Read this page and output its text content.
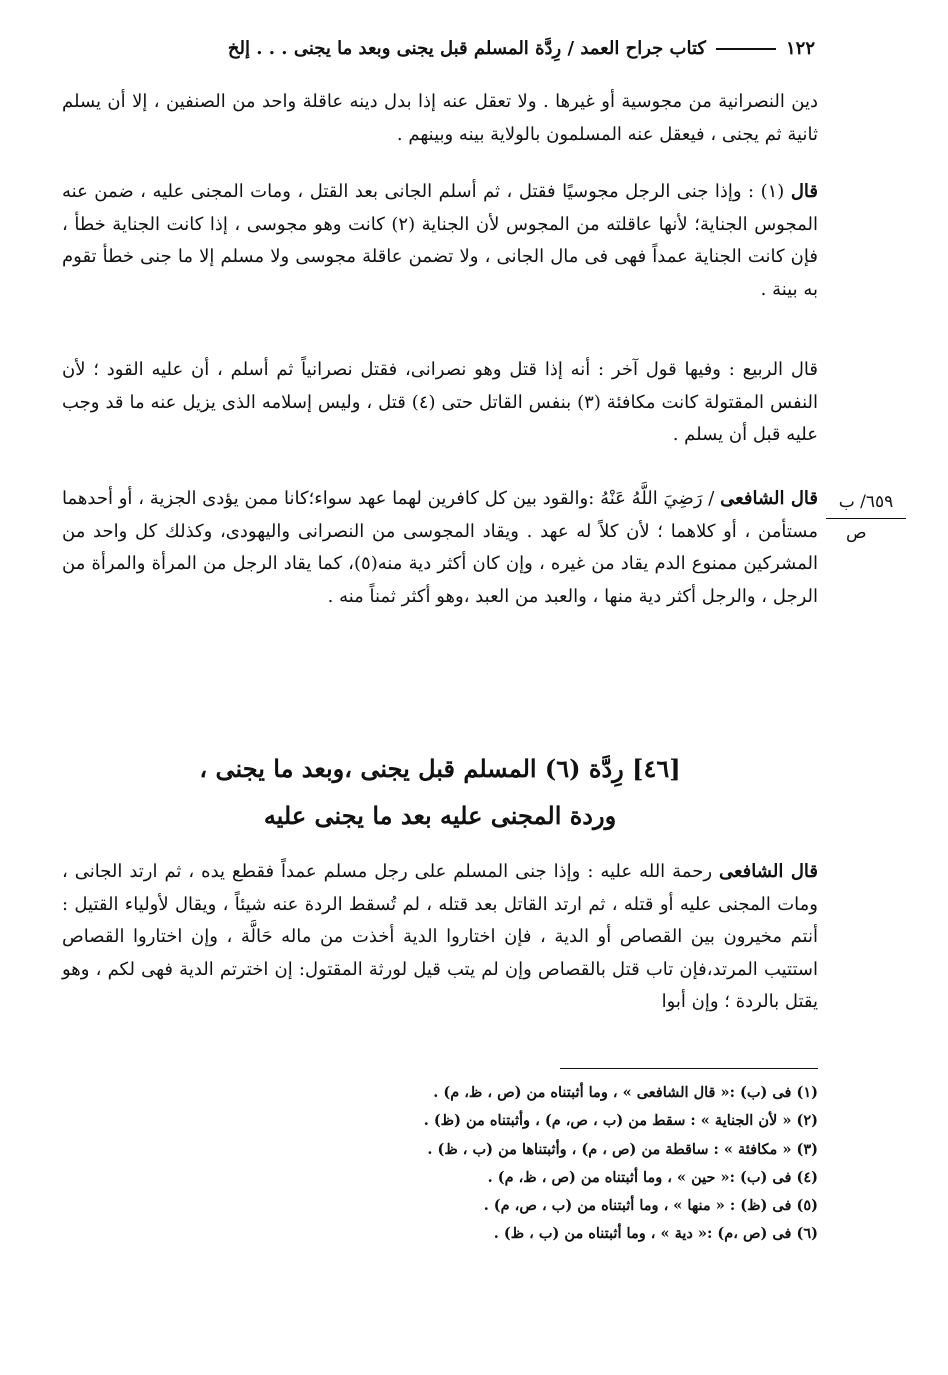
١٢٢
كتاب جراح العمد / رِدَّة المسلم قبل يجنى وبعد ما يجنى . . . إلخ
دين النصرانية من مجوسية أو غيرها . ولا تعقل عنه إذا بدل دينه عاقلة واحد من الصنفين ، إلا أن يسلم ثانية ثم يجنى ، فيعقل عنه المسلمون بالولاية بينه وبينهم .
قال (١) : وإذا جنى الرجل مجوسيًا فقتل ، ثم أسلم الجانى بعد القتل ، ومات المجنى عليه ، ضمن عنه المجوس الجناية؛ لأنها عاقلته من المجوس لأن الجناية (٢) كانت وهو مجوسى ، إذا كانت الجناية خطأ ، فإن كانت الجناية عمداً فهى فى مال الجانى ، ولا تضمن عاقلة مجوسى ولا مسلم إلا ما جنى خطأ تقوم به بينة .
قال الربيع : وفيها قول آخر : أنه إذا قتل وهو نصرانى، فقتل نصرانياً ثم أسلم ، أن عليه القود ؛ لأن النفس المقتولة كانت مكافئة (٣) بنفس القاتل حتى (٤) قتل ، وليس إسلامه الذى يزيل عنه ما قد وجب عليه قبل أن يسلم .
قال الشافعى / رَضِيَ اللَّهُ عَنْهُ :والقود بين كل كافرين لهما عهد سواء؛كانا ممن يؤدى الجزية ، أو أحدهما مستأمن ، أو كلاهما ؛ لأن كلاً له عهد . ويقاد المجوسى من النصرانى واليهودى، وكذلك كل واحد من المشركين ممنوع الدم يقاد من غيره ، وإن كان أكثر دية منه(٥)، كما يقاد الرجل من المرأة والمرأة من الرجل ، والرجل أكثر دية منها ، والعبد من العبد ،وهو أكثر ثمناً منه .
٦٥٩/ ب
ص
[٤٦] رِدَّة (٦) المسلم قبل يجنى ،وبعد ما يجنى ،
وردة المجنى عليه بعد ما يجنى عليه
قال الشافعى رحمة الله عليه : وإذا جنى المسلم على رجل مسلم عمداً فقطع يده ، ثم ارتد الجانى ، ومات المجنى عليه أو قتله ، ثم ارتد القاتل بعد قتله ، لم تُسقط الردة عنه شيئاً ، ويقال لأولياء القتيل : أنتم مخيرون بين القصاص أو الدية ، فإن اختاروا الدية أخذت من ماله حَالَّة ، وإن اختاروا القصاص استتيب المرتد،فإن تاب قتل بالقصاص وإن لم يتب قيل لورثة المقتول: إن اخترتم الدية فهى لكم ، وهو يقتل بالردة ؛ وإن أبوا
(١) فى (ب) :« قال الشافعى » ، وما أثبتناه من (ص ، ظ، م) .
(٢) « لأن الجناية » : سقط من (ب ، ص، م) ، وأثبتناه من (ظ) .
(٣) « مكافئة » : ساقطة من (ص ، م) ، وأثبتناها من (ب ، ظ) .
(٤) فى (ب) :« حين » ، وما أثبتناه من (ص ، ظ، م) .
(٥) فى (ظ) : « منها » ، وما أثبتناه من (ب ، ص، م) .
(٦) فى (ص ،م) :« دية » ، وما أثبتناه من (ب ، ظ) .
